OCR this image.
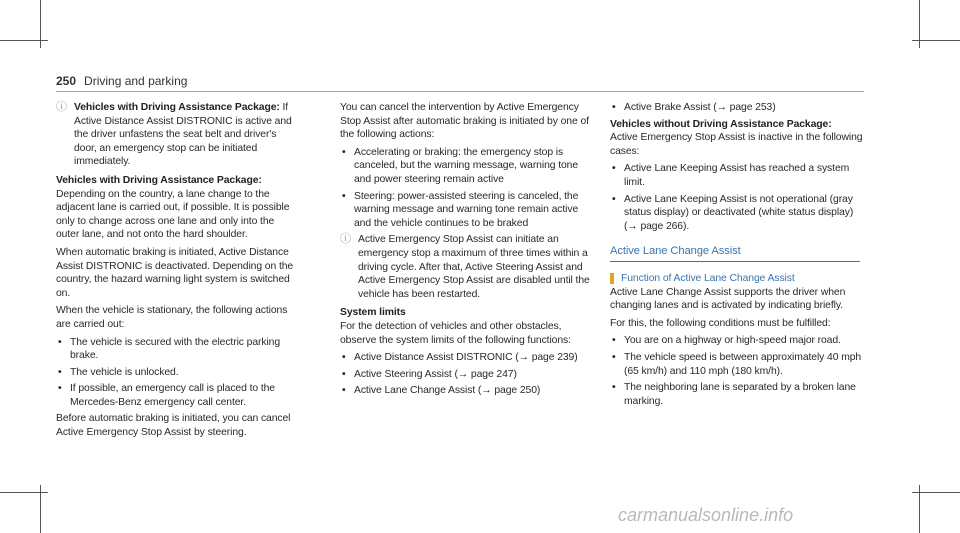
250 Driving and parking
ⓘ Vehicles with Driving Assistance Package: If Active Distance Assist DISTRONIC is active and the driver unfastens the seat belt and driver's door, an emergency stop can be initiated immediately.
Vehicles with Driving Assistance Package:

Depending on the country, a lane change to the adjacent lane is carried out, if possible. It is possible only to change across one lane and only into the outer lane, and not onto the hard shoulder.

When automatic braking is initiated, Active Distance Assist DISTRONIC is deactivated. Depending on the country, the hazard warning light system is switched on.

When the vehicle is stationary, the following actions are carried out:

• The vehicle is secured with the electric parking brake.
• The vehicle is unlocked.
• If possible, an emergency call is placed to the Mercedes-Benz emergency call center.

Before automatic braking is initiated, you can cancel Active Emergency Stop Assist by steering.

You can cancel the intervention by Active Emergency Stop Assist after automatic braking is initiated by one of the following actions:

• Accelerating or braking: the emergency stop is canceled, but the warning message, warning tone and power steering remain active
• Steering: power-assisted steering is canceled, the warning message and warning tone remain active and the vehicle continues to be braked
ⓘ Active Emergency Stop Assist can initiate an emergency stop a maximum of three times within a driving cycle. After that, Active Steering Assist and Active Emergency Stop Assist are disabled until the vehicle has been restarted.
System limits

For the detection of vehicles and other obstacles, observe the system limits of the following functions:

• Active Distance Assist DISTRONIC (→ page 239)
• Active Steering Assist (→ page 247)
• Active Lane Change Assist (→ page 250)
• Active Brake Assist (→ page 253)
Vehicles without Driving Assistance Package:

Active Emergency Stop Assist is inactive in the following cases:

• Active Lane Keeping Assist has reached a system limit.
• Active Lane Keeping Assist is not operational (gray status display) or deactivated (white status display) (→ page 266).
Active Lane Change Assist
Function of Active Lane Change Assist

Active Lane Change Assist supports the driver when changing lanes and is activated by indicating briefly.

For this, the following conditions must be fulfilled:

• You are on a highway or high-speed major road.
• The vehicle speed is between approximately 40 mph (65 km/h) and 110 mph (180 km/h).
• The neighboring lane is separated by a broken lane marking.
carmanualsonline.info
